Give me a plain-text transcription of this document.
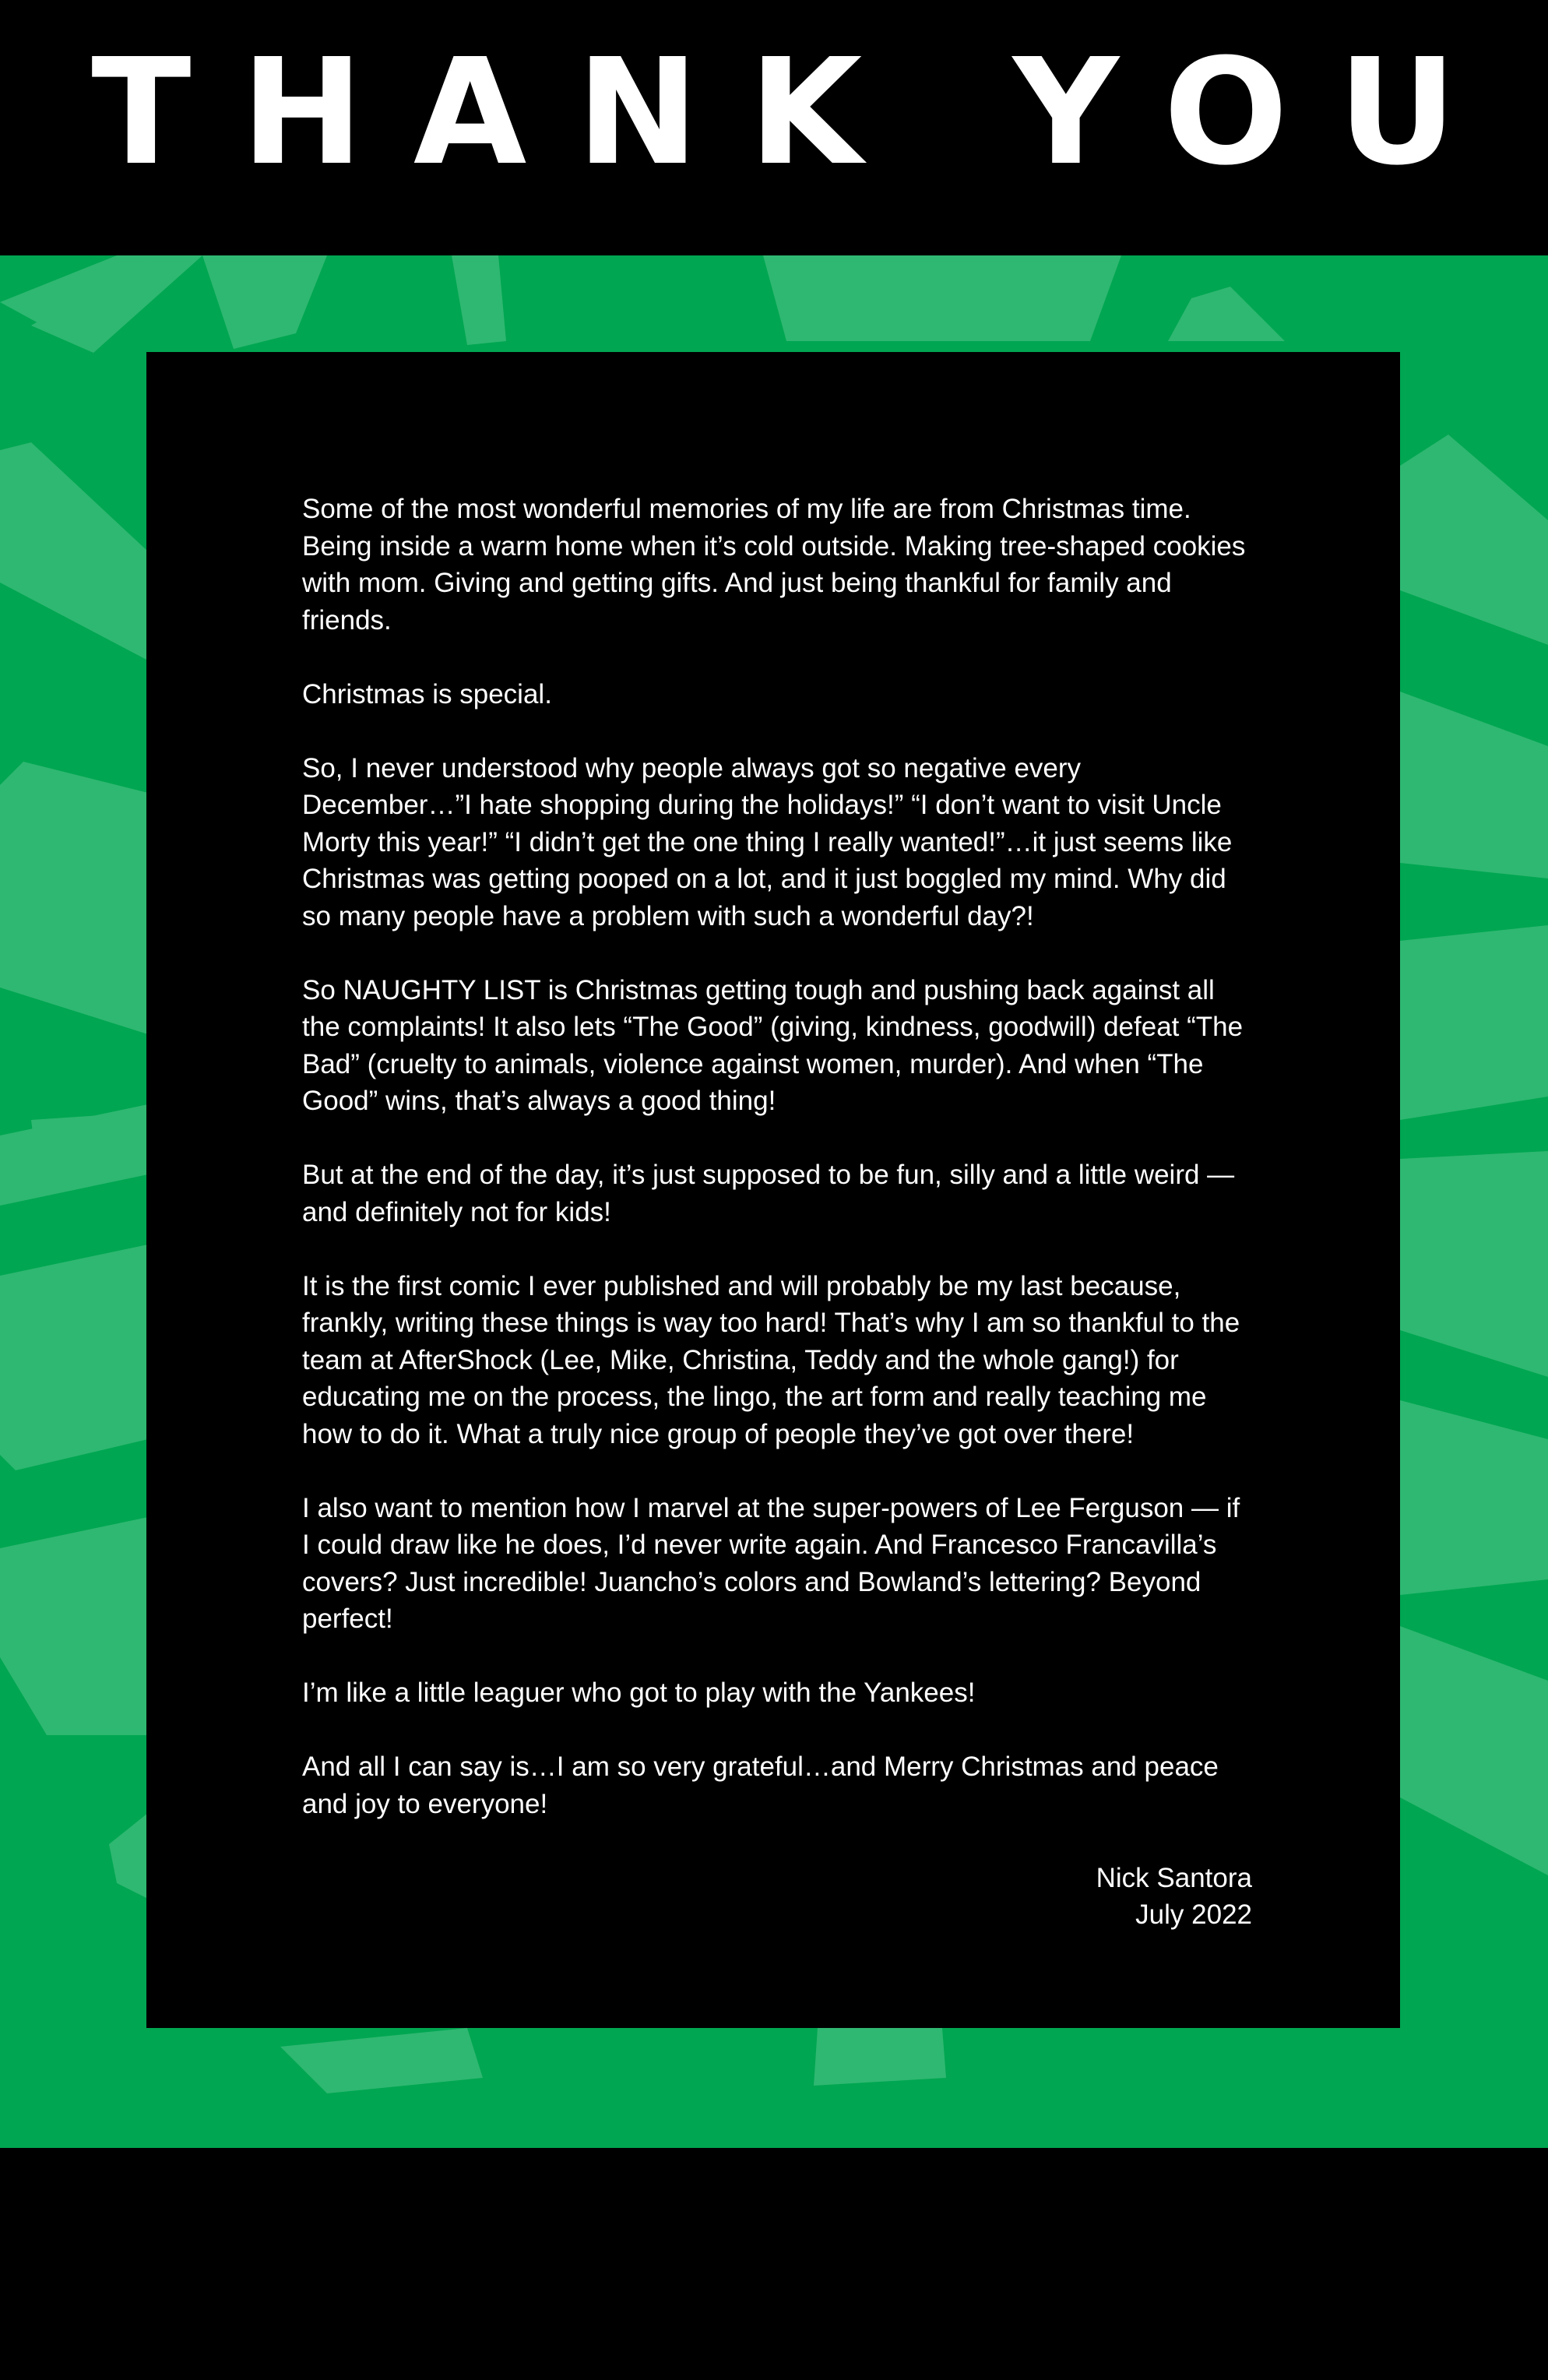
THANK YOU

Some of the most wonderful memories of my life are from Christmas time. Being inside a warm home when it’s cold outside. Making tree-shaped cookies with mom. Giving and getting gifts. And just being thankful for family and friends.

Christmas is special.

So, I never understood why people always got so negative every December…”I hate shopping during the holidays!” “I don’t want to visit Uncle Morty this year!” “I didn’t get the one thing I really wanted!”…it just seems like Christmas was getting pooped on a lot, and it just boggled my mind. Why did so many people have a problem with such a wonderful day?!

So NAUGHTY LIST is Christmas getting tough and pushing back against all the complaints! It also lets “The Good” (giving, kindness, goodwill) defeat “The Bad” (cruelty to animals, violence against women, murder). And when “The Good” wins, that’s always a good thing!

But at the end of the day, it’s just supposed to be fun, silly and a little weird — and definitely not for kids!

It is the first comic I ever published and will probably be my last because, frankly, writing these things is way too hard! That’s why I am so thankful to the team at AfterShock (Lee, Mike, Christina, Teddy and the whole gang!) for educating me on the process, the lingo, the art form and really teaching me how to do it. What a truly nice group of people they’ve got over there!

I also want to mention how I marvel at the super-powers of Lee Ferguson — if I could draw like he does, I’d never write again. And Francesco Francavilla’s covers? Just incredible! Juancho’s colors and Bowland’s lettering? Beyond perfect!

I’m like a little leaguer who got to play with the Yankees!

And all I can say is…I am so very grateful…and Merry Christmas and peace and joy to everyone!

Nick Santora
July 2022
